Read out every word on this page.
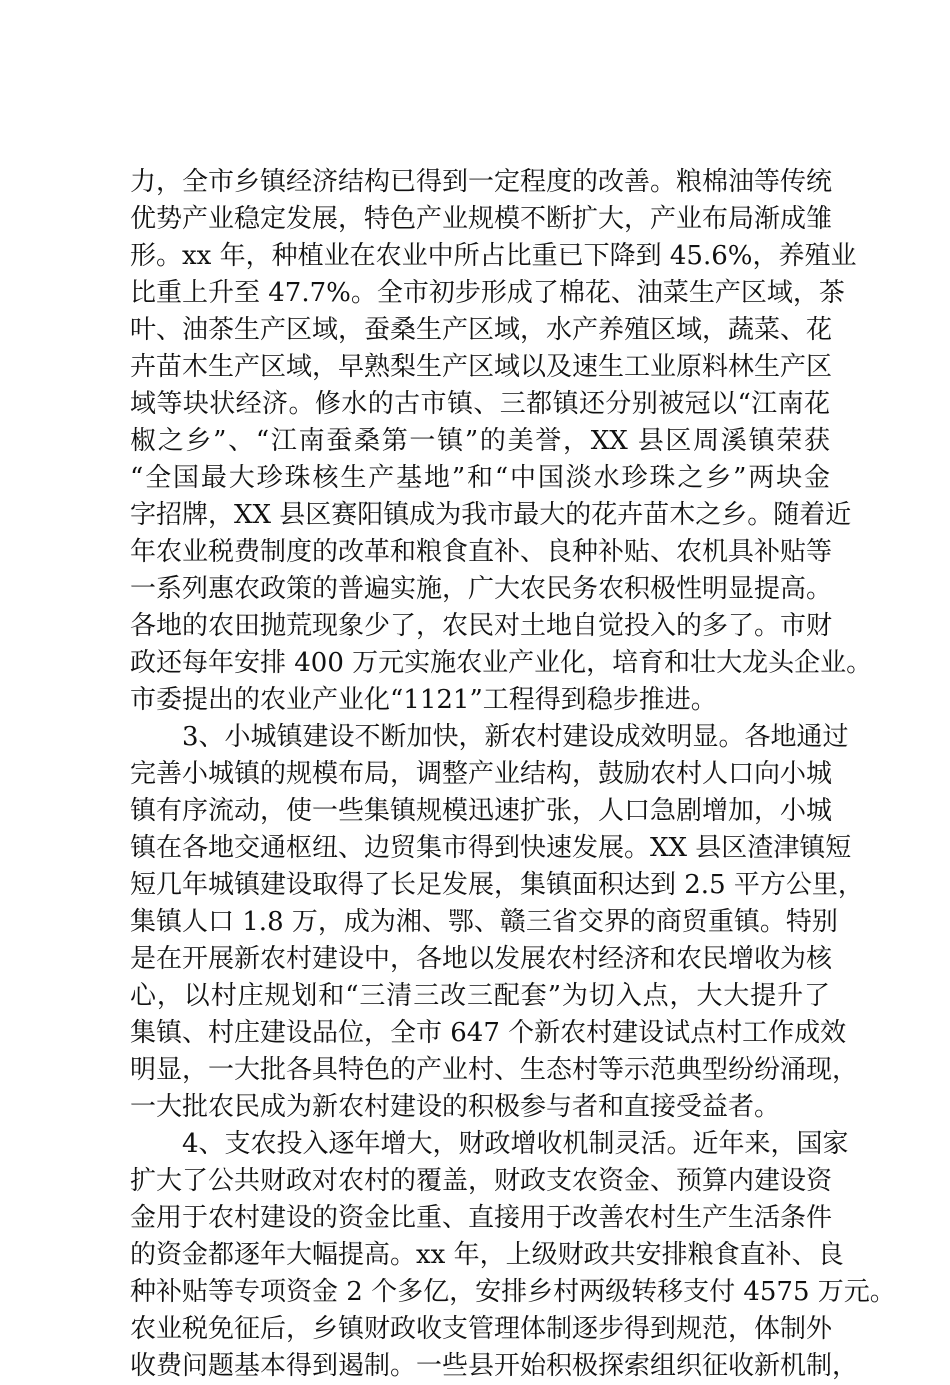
力，全市乡镇经济结构已得到一定程度的改善。粮棉油等传统
优势产业稳定发展，特色产业规模不断扩大，产业布局渐成雏
形。xx 年，种植业在农业中所占比重已下降到 45.6%，养殖业
比重上升至 47.7%。全市初步形成了棉花、油菜生产区域，茶
叶、油茶生产区域，蚕桑生产区域，水产养殖区域，蔬菜、花
卉苗木生产区域，早熟梨生产区域以及速生工业原料林生产区
域等块状经济。修水的古市镇、三都镇还分别被冠以“江南花
椒之乡”、“江南蚕桑第一镇”的美誉，XX 县区周溪镇荣获
“全国最大珍珠核生产基地”和“中国淡水珍珠之乡”两块金
字招牌，XX 县区赛阳镇成为我市最大的花卉苗木之乡。随着近
年农业税费制度的改革和粮食直补、良种补贴、农机具补贴等
一系列惠农政策的普遍实施，广大农民务农积极性明显提高。
各地的农田抛荒现象少了，农民对土地自觉投入的多了。市财
政还每年安排 400 万元实施农业产业化，培育和壮大龙头企业。
市委提出的农业产业化“1121”工程得到稳步推进。
3、小城镇建设不断加快，新农村建设成效明显。各地通过
完善小城镇的规模布局，调整产业结构，鼓励农村人口向小城
镇有序流动，使一些集镇规模迅速扩张，人口急剧增加，小城
镇在各地交通枢纽、边贸集市得到快速发展。XX 县区渣津镇短
短几年城镇建设取得了长足发展，集镇面积达到 2.5 平方公里，
集镇人口 1.8 万，成为湘、鄂、赣三省交界的商贸重镇。特别
是在开展新农村建设中，各地以发展农村经济和农民增收为核
心，以村庄规划和“三清三改三配套”为切入点，大大提升了
集镇、村庄建设品位，全市 647 个新农村建设试点村工作成效
明显，一大批各具特色的产业村、生态村等示范典型纷纷涌现，
一大批农民成为新农村建设的积极参与者和直接受益者。
4、支农投入逐年增大，财政增收机制灵活。近年来，国家
扩大了公共财政对农村的覆盖，财政支农资金、预算内建设资
金用于农村建设的资金比重、直接用于改善农村生产生活条件
的资金都逐年大幅提高。xx 年，上级财政共安排粮食直补、良
种补贴等专项资金 2 个多亿，安排乡村两级转移支付 4575 万元。
农业税免征后，乡镇财政收支管理体制逐步得到规范，体制外
收费问题基本得到遏制。一些县开始积极探索组织征收新机制，
